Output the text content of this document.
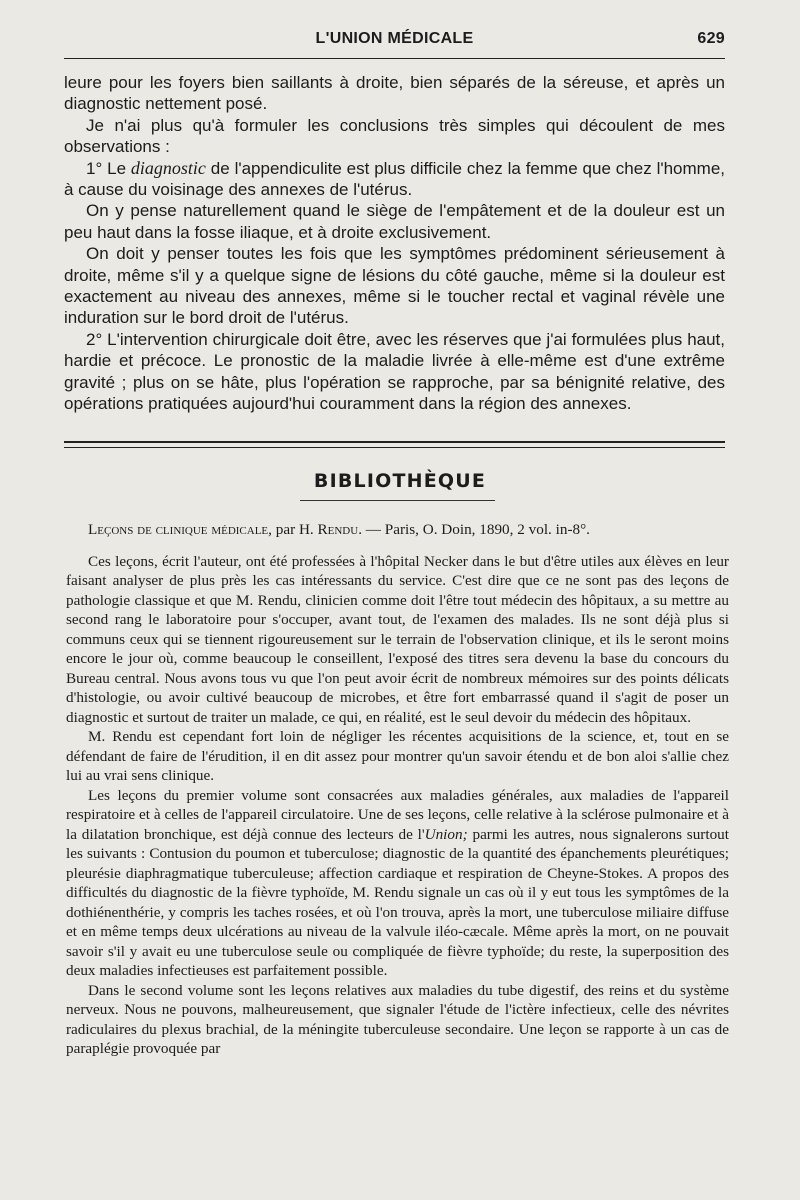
L'UNION MÉDICALE	629

leure pour les foyers bien saillants à droite, bien séparés de la séreuse, et après un diagnostic nettement posé.

Je n'ai plus qu'à formuler les conclusions très simples qui découlent de mes observations :

1° Le diagnostic de l'appendiculite est plus difficile chez la femme que chez l'homme, à cause du voisinage des annexes de l'utérus.

On y pense naturellement quand le siège de l'empâtement et de la douleur est un peu haut dans la fosse iliaque, et à droite exclusivement.

On doit y penser toutes les fois que les symptômes prédominent sérieusement à droite, même s'il y a quelque signe de lésions du côté gauche, même si la douleur est exactement au niveau des annexes, même si le toucher rectal et vaginal révèle une induration sur le bord droit de l'utérus.

2° L'intervention chirurgicale doit être, avec les réserves que j'ai formulées plus haut, hardie et précoce. Le pronostic de la maladie livrée à elle-même est d'une extrême gravité ; plus on se hâte, plus l'opération se rapproche, par sa bénignité relative, des opérations pratiquées aujourd'hui couramment dans la région des annexes.

BIBLIOTHÈQUE

Leçons de clinique médicale, par H. Rendu. — Paris, O. Doin, 1890, 2 vol. in-8°.

Ces leçons, écrit l'auteur, ont été professées à l'hôpital Necker dans le but d'être utiles aux élèves en leur faisant analyser de plus près les cas intéressants du service. C'est dire que ce ne sont pas des leçons de pathologie classique et que M. Rendu, clinicien comme doit l'être tout médecin des hôpitaux, a su mettre au second rang le laboratoire pour s'occuper, avant tout, de l'examen des malades. Ils ne sont déjà plus si communs ceux qui se tiennent rigoureusement sur le terrain de l'observation clinique, et ils le seront moins encore le jour où, comme beaucoup le conseillent, l'exposé des titres sera devenu la base du concours du Bureau central. Nous avons tous vu que l'on peut avoir écrit de nombreux mémoires sur des points délicats d'histologie, ou avoir cultivé beaucoup de microbes, et être fort embarrassé quand il s'agit de poser un diagnostic et surtout de traiter un malade, ce qui, en réalité, est le seul devoir du médecin des hôpitaux.

M. Rendu est cependant fort loin de négliger les récentes acquisitions de la science, et, tout en se défendant de faire de l'érudition, il en dit assez pour montrer qu'un savoir étendu et de bon aloi s'allie chez lui au vrai sens clinique.

Les leçons du premier volume sont consacrées aux maladies générales, aux maladies de l'appareil respiratoire et à celles de l'appareil circulatoire. Une de ses leçons, celle relative à la sclérose pulmonaire et à la dilatation bronchique, est déjà connue des lecteurs de l'Union; parmi les autres, nous signalerons surtout les suivants : Contusion du poumon et tuberculose; diagnostic de la quantité des épanchements pleurétiques; pleurésie diaphragmatique tuberculeuse; affection cardiaque et respiration de Cheyne-Stokes. A propos des difficultés du diagnostic de la fièvre typhoïde, M. Rendu signale un cas où il y eut tous les symptômes de la dothiénenthérie, y compris les taches rosées, et où l'on trouva, après la mort, une tuberculose miliaire diffuse et en même temps deux ulcérations au niveau de la valvule iléo-cæcale. Même après la mort, on ne pouvait savoir s'il y avait eu une tuberculose seule ou compliquée de fièvre typhoïde; du reste, la superposition des deux maladies infectieuses est parfaitement possible.

Dans le second volume sont les leçons relatives aux maladies du tube digestif, des reins et du système nerveux. Nous ne pouvons, malheureusement, que signaler l'étude de l'ictère infectieux, celle des névrites radiculaires du plexus brachial, de la méningite tuberculeuse secondaire. Une leçon se rapporte à un cas de paraplégie provoquée par
